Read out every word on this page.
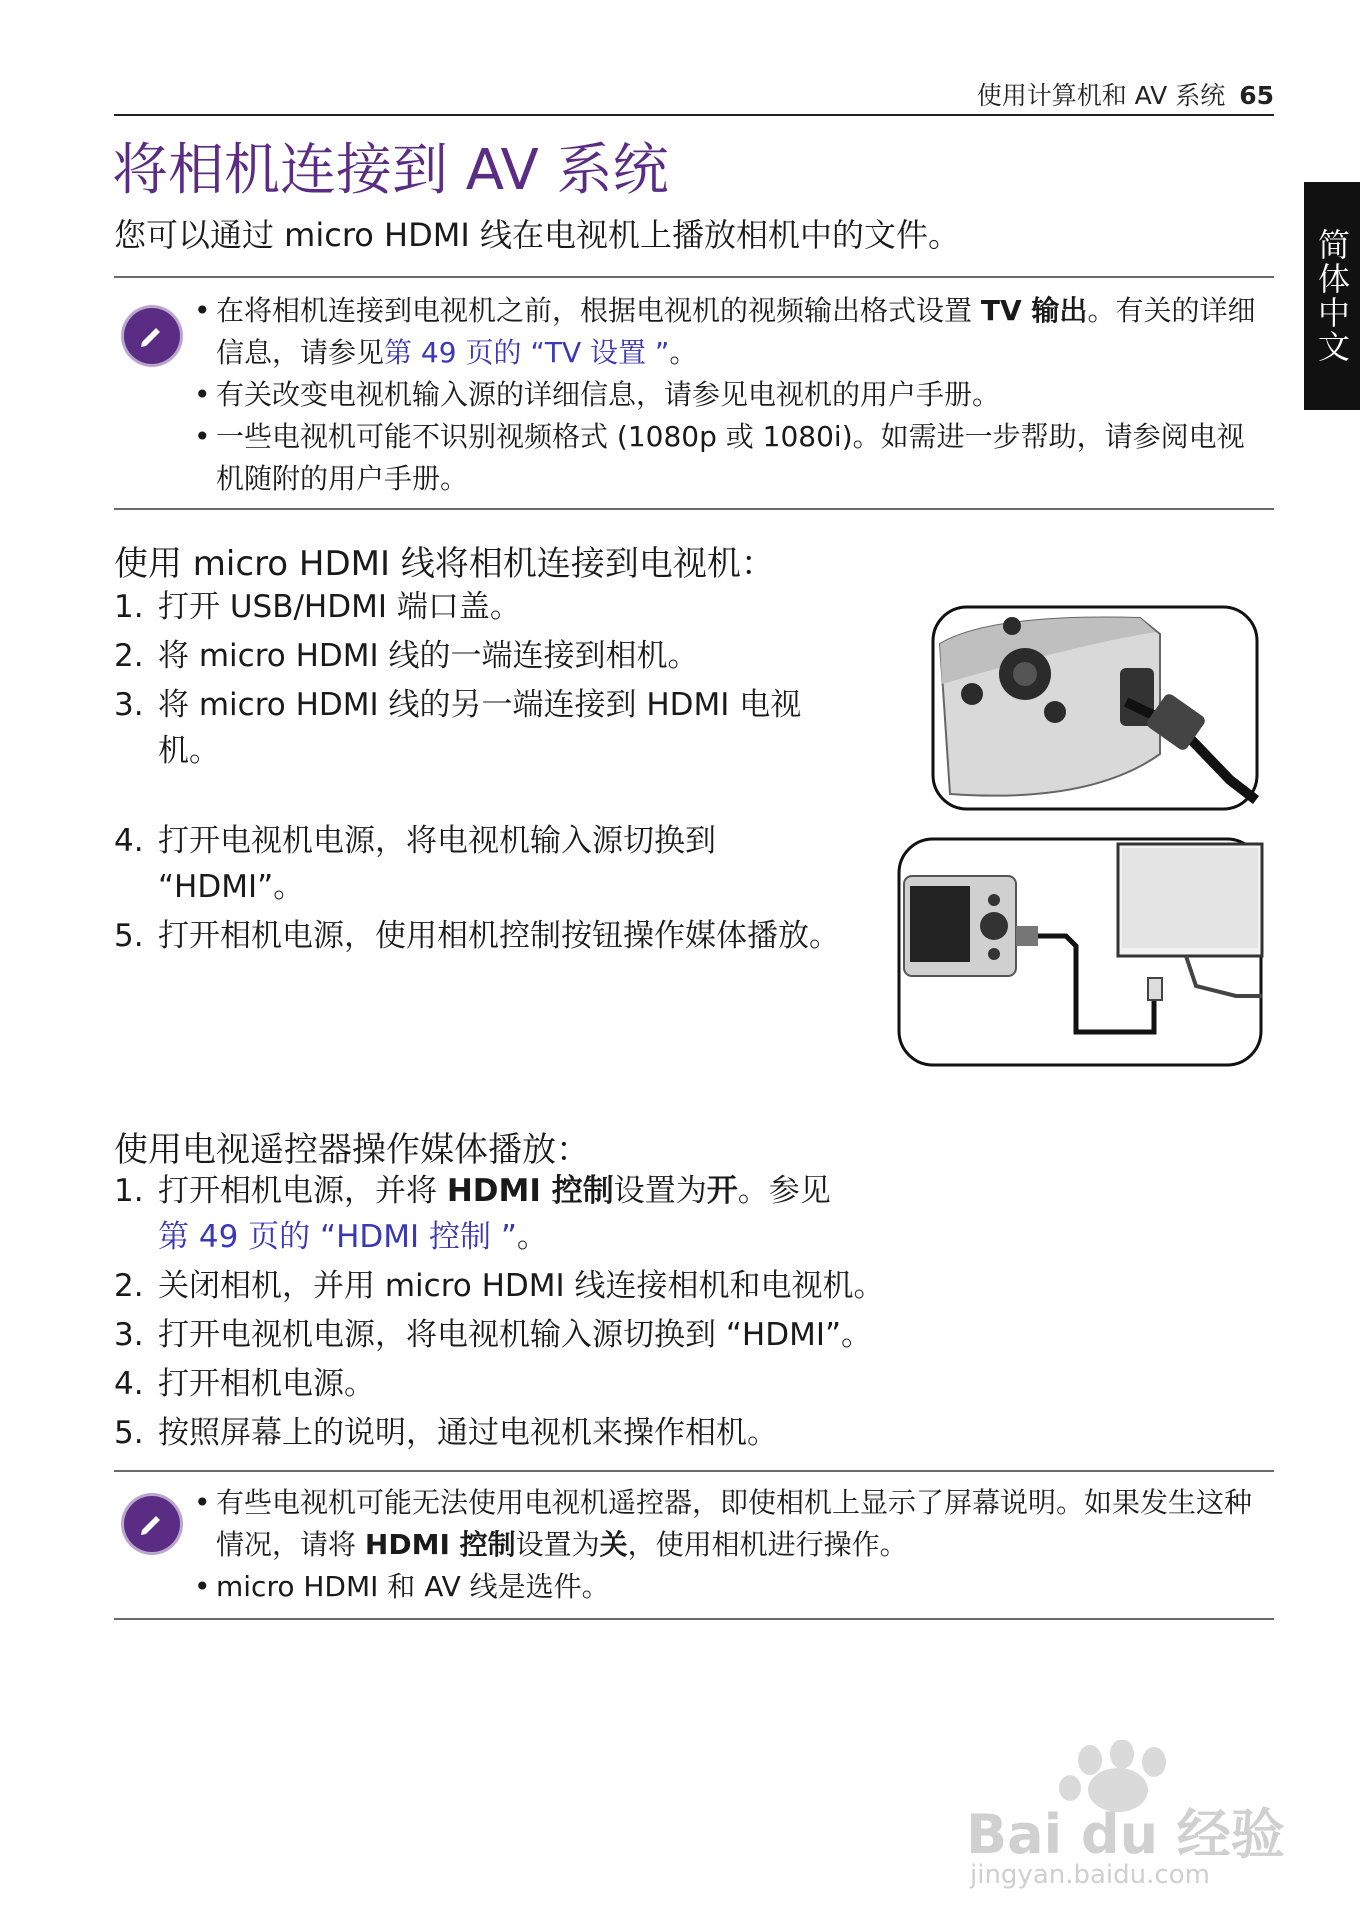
使用计算机和 AV 系统 65
简体中文
将相机连接到 AV 系统
您可以通过 micro HDMI 线在电视机上播放相机中的文件。
• 在将相机连接到电视机之前，根据电视机的视频输出格式设置 TV 输出。有关的详细信息，请参见第 49 页的 “TV 设置 ”。
• 有关改变电视机输入源的详细信息，请参见电视机的用户手册。
• 一些电视机可能不识别视频格式 (1080p 或 1080i)。如需进一步帮助，请参阅电视机随附的用户手册。
使用 micro HDMI 线将相机连接到电视机：
1. 打开 USB/HDMI 端口盖。
2. 将 micro HDMI 线的一端连接到相机。
3. 将 micro HDMI 线的另一端连接到 HDMI 电视机。
4. 打开电视机电源，将电视机输入源切换到 “HDMI”。
5. 打开相机电源，使用相机控制按钮操作媒体播放。
使用电视遥控器操作媒体播放：
1. 打开相机电源，并将 HDMI 控制设置为开。参见
第 49 页的 “HDMI 控制 ”。
2. 关闭相机，并用 micro HDMI 线连接相机和电视机。
3. 打开电视机电源，将电视机输入源切换到 “HDMI”。
4. 打开相机电源。
5. 按照屏幕上的说明，通过电视机来操作相机。
• 有些电视机可能无法使用电视机遥控器，即使相机上显示了屏幕说明。如果发生这种情况，请将 HDMI 控制设置为关，使用相机进行操作。
• micro HDMI 和 AV 线是选件。
Bai du 经验
jingyan.baidu.com
